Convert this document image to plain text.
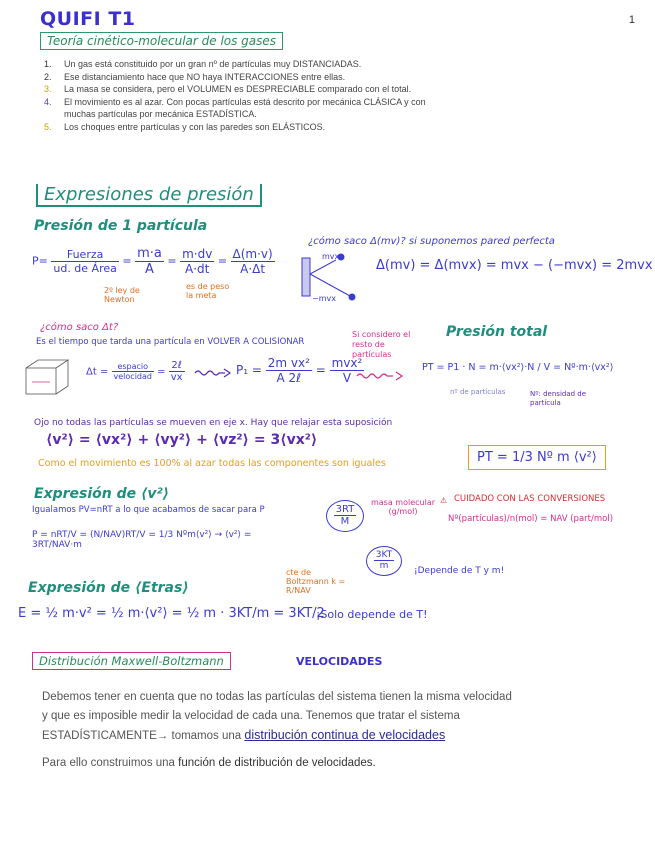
QUIFI T1	1
Teoría cinético-molecular de los gases
1. Un gas está constituido por un gran nº de partículas muy DISTANCIADAS.
2. Ese distanciamiento hace que NO haya INTERACCIONES entre ellas.
3. La masa se considera, pero el VOLUMEN es DESPRECIABLE comparado con el total.
4. El movimiento es al azar. Con pocas partículas está descrito por mecánica CLÁSICA y con muchas partículas por mecánica ESTADÍSTICA.
5. Los choques entre partículas y con las paredes son ELÁSTICOS.
Expresiones de presión
Presión de 1 partícula
$P= \frac{\text{Fuerza}}{\text{ud. de Área}} = \frac{m\cdot a}{A} = \frac{m\cdot dv}{A\cdot dt} = \frac{\Delta(m\cdot v)}{A\cdot\Delta t}$
2º ley de Newton
es de peso la meta
¿cómo saco Δ(mv)? si suponemos pared perfecta
mvx
−mvx
Δ(mv) = Δ(mvx) = mvx − (−mvx) = 2mvx
¿cómo saco Δt?
Es el tiempo que tarda una partícula en VOLVER A COLISIONAR
$\Delta t = \frac{\text{espacio}}{\text{velocidad}} = \frac{\text{2ℓ}}{vx}$	$P_1 = \frac{\text{2m vx²}}{\text{A 2ℓ}} = \frac{\text{mvx²}}{V}$
Si considero el resto de partículas
Presión total
PT = P1 · N = m·⟨vx²⟩·N / V = Nº·m·⟨vx²⟩
nº de partículas	Nº: densidad de partícula
Ojo no todas las partículas se mueven en eje x. Hay que relajar esta suposición
⟨v²⟩ = ⟨vx²⟩ + ⟨vy²⟩ + ⟨vz²⟩ = 3⟨vx²⟩
Como el movimiento es 100% al azar todas las componentes son iguales	PT = 1/3 Nº m ⟨v²⟩
Expresión de ⟨v²⟩
Igualamos PV=nRT a lo que acabamos de sacar para P
P = nRT/V = (N/NAV)RT/V = 1/3 Nºm⟨v²⟩ → ⟨v²⟩ = 3RT/NAV·m
$\frac{3RT}{M}$
$\frac{3KT}{m}$
masa molecular (g/mol)
cte de Boltzmann k = R/NAV
¡Depende de T y m!
⚠ CUIDADO CON LAS CONVERSIONES
Nº(partículas)/n(mol) = NAV (part/mol)
Expresión de ⟨Etras⟩
E = ½ m·v² = ½ m·⟨v²⟩ = ½ m · 3KT/m = 3KT/2
¡Solo depende de T!
Distribución Maxwell-Boltzmann	VELOCIDADES
Debemos tener en cuenta que no todas las partículas del sistema tienen la misma velocidad y que es imposible medir la velocidad de cada una. Tenemos que tratar el sistema ESTADÍSTICAMENTE→ tomamos una distribución continua de velocidades
Para ello construimos una función de distribución de velocidades.
